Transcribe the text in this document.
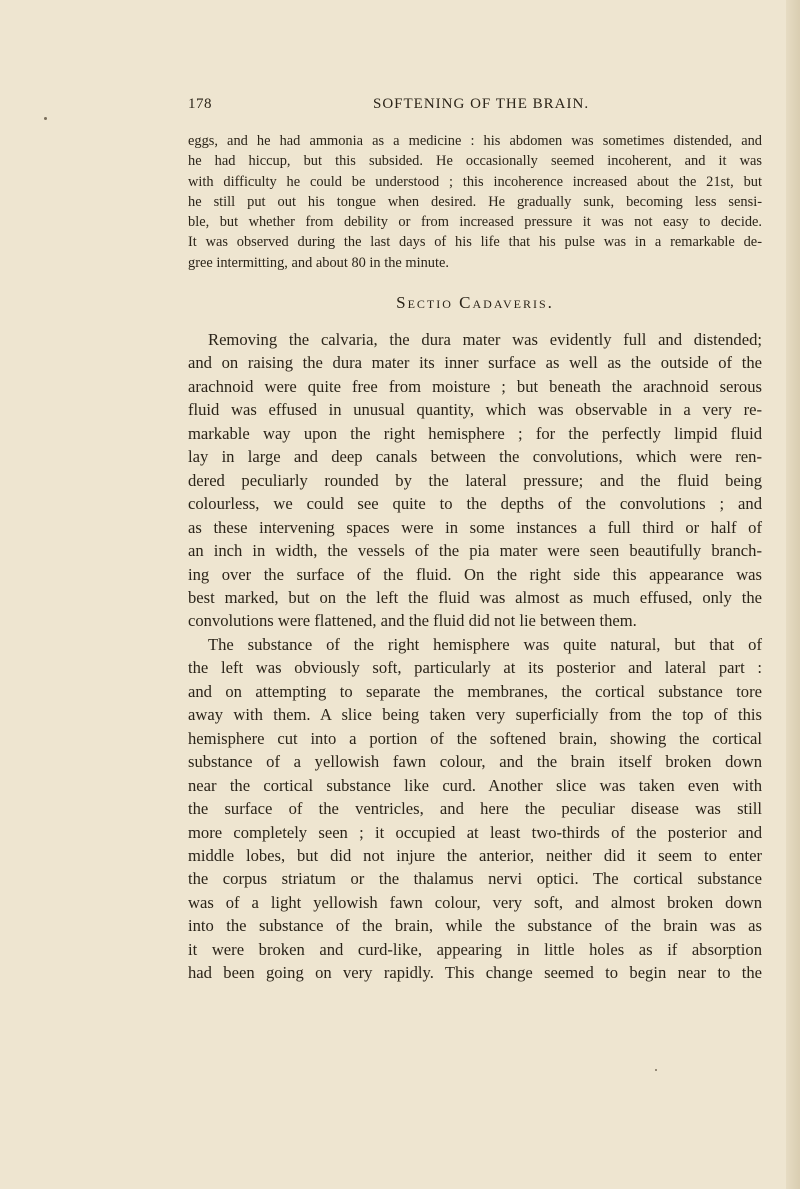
178	SOFTENING OF THE BRAIN.
eggs, and he had ammonia as a medicine : his abdomen was sometimes distended, and
he had hiccup, but this subsided. He occasionally seemed incoherent, and it was
with difficulty he could be understood ; this incoherence increased about the 21st, but
he still put out his tongue when desired. He gradually sunk, becoming less sensi-
ble, but whether from debility or from increased pressure it was not easy to decide.
It was observed during the last days of his life that his pulse was in a remarkable de-
gree intermitting, and about 80 in the minute.
Sectio Cadaveris.
Removing the calvaria, the dura mater was evidently full and distended;
and on raising the dura mater its inner surface as well as the outside of the
arachnoid were quite free from moisture ; but beneath the arachnoid serous
fluid was effused in unusual quantity, which was observable in a very re-
markable way upon the right hemisphere ; for the perfectly limpid fluid
lay in large and deep canals between the convolutions, which were ren-
dered peculiarly rounded by the lateral pressure; and the fluid being
colourless, we could see quite to the depths of the convolutions ; and
as these intervening spaces were in some instances a full third or half of
an inch in width, the vessels of the pia mater were seen beautifully branch-
ing over the surface of the fluid. On the right side this appearance was
best marked, but on the left the fluid was almost as much effused, only the
convolutions were flattened, and the fluid did not lie between them.
The substance of the right hemisphere was quite natural, but that of
the left was obviously soft, particularly at its posterior and lateral part :
and on attempting to separate the membranes, the cortical substance tore
away with them. A slice being taken very superficially from the top of this
hemisphere cut into a portion of the softened brain, showing the cortical
substance of a yellowish fawn colour, and the brain itself broken down
near the cortical substance like curd. Another slice was taken even with
the surface of the ventricles, and here the peculiar disease was still
more completely seen ; it occupied at least two-thirds of the posterior and
middle lobes, but did not injure the anterior, neither did it seem to enter
the corpus striatum or the thalamus nervi optici. The cortical substance
was of a light yellowish fawn colour, very soft, and almost broken down
into the substance of the brain, while the substance of the brain was as
it were broken and curd-like, appearing in little holes as if absorption
had been going on very rapidly. This change seemed to begin near to the
